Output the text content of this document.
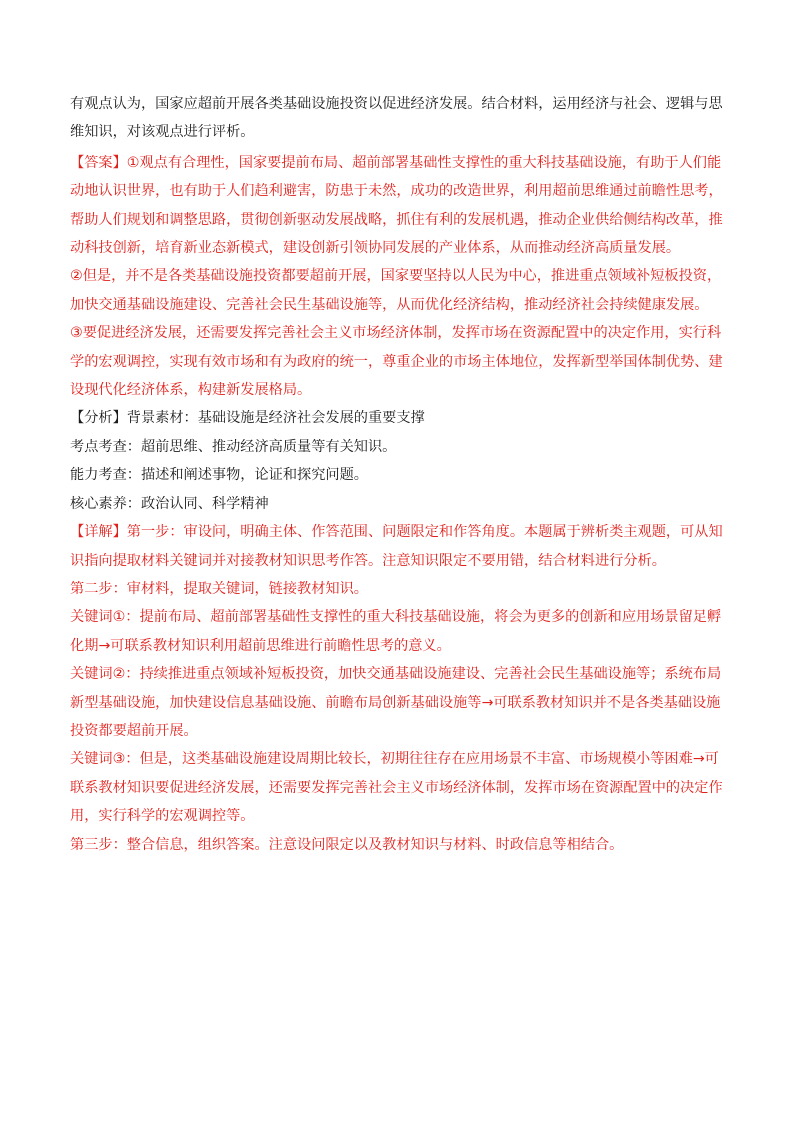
有观点认为，国家应超前开展各类基础设施投资以促进经济发展。结合材料，运用经济与社会、逻辑与思

维知识，对该观点进行评析。

【答案】①观点有合理性，国家要提前布局、超前部署基础性支撑性的重大科技基础设施，有助于人们能

动地认识世界，也有助于人们趋利避害，防患于未然，成功的改造世界，利用超前思维通过前瞻性思考，

帮助人们规划和调整思路，贯彻创新驱动发展战略，抓住有利的发展机遇，推动企业供给侧结构改革，推

动科技创新，培育新业态新模式，建设创新引领协同发展的产业体系，从而推动经济高质量发展。

②但是，并不是各类基础设施投资都要超前开展，国家要坚持以人民为中心，推进重点领域补短板投资，

加快交通基础设施建设、完善社会民生基础设施等，从而优化经济结构，推动经济社会持续健康发展。

③要促进经济发展，还需要发挥完善社会主义市场经济体制，发挥市场在资源配置中的决定作用，实行科

学的宏观调控，实现有效市场和有为政府的统一，尊重企业的市场主体地位，发挥新型举国体制优势、建

设现代化经济体系，构建新发展格局。

【分析】背景素材：基础设施是经济社会发展的重要支撑

考点考查：超前思维、推动经济高质量等有关知识。

能力考查：描述和阐述事物，论证和探究问题。

核心素养：政治认同、科学精神

【详解】第一步：审设问，明确主体、作答范围、问题限定和作答角度。本题属于辨析类主观题，可从知

识指向提取材料关键词并对接教材知识思考作答。注意知识限定不要用错，结合材料进行分析。

第二步：审材料，提取关键词，链接教材知识。

关键词①：提前布局、超前部署基础性支撑性的重大科技基础设施，将会为更多的创新和应用场景留足孵

化期→可联系教材知识利用超前思维进行前瞻性思考的意义。

关键词②：持续推进重点领域补短板投资，加快交通基础设施建设、完善社会民生基础设施等；系统布局

新型基础设施，加快建设信息基础设施、前瞻布局创新基础设施等→可联系教材知识并不是各类基础设施

投资都要超前开展。

关键词③：但是，这类基础设施建设周期比较长，初期往往存在应用场景不丰富、市场规模小等困难→可

联系教材知识要促进经济发展，还需要发挥完善社会主义市场经济体制，发挥市场在资源配置中的决定作

用，实行科学的宏观调控等。

第三步：整合信息，组织答案。注意设问限定以及教材知识与材料、时政信息等相结合。
